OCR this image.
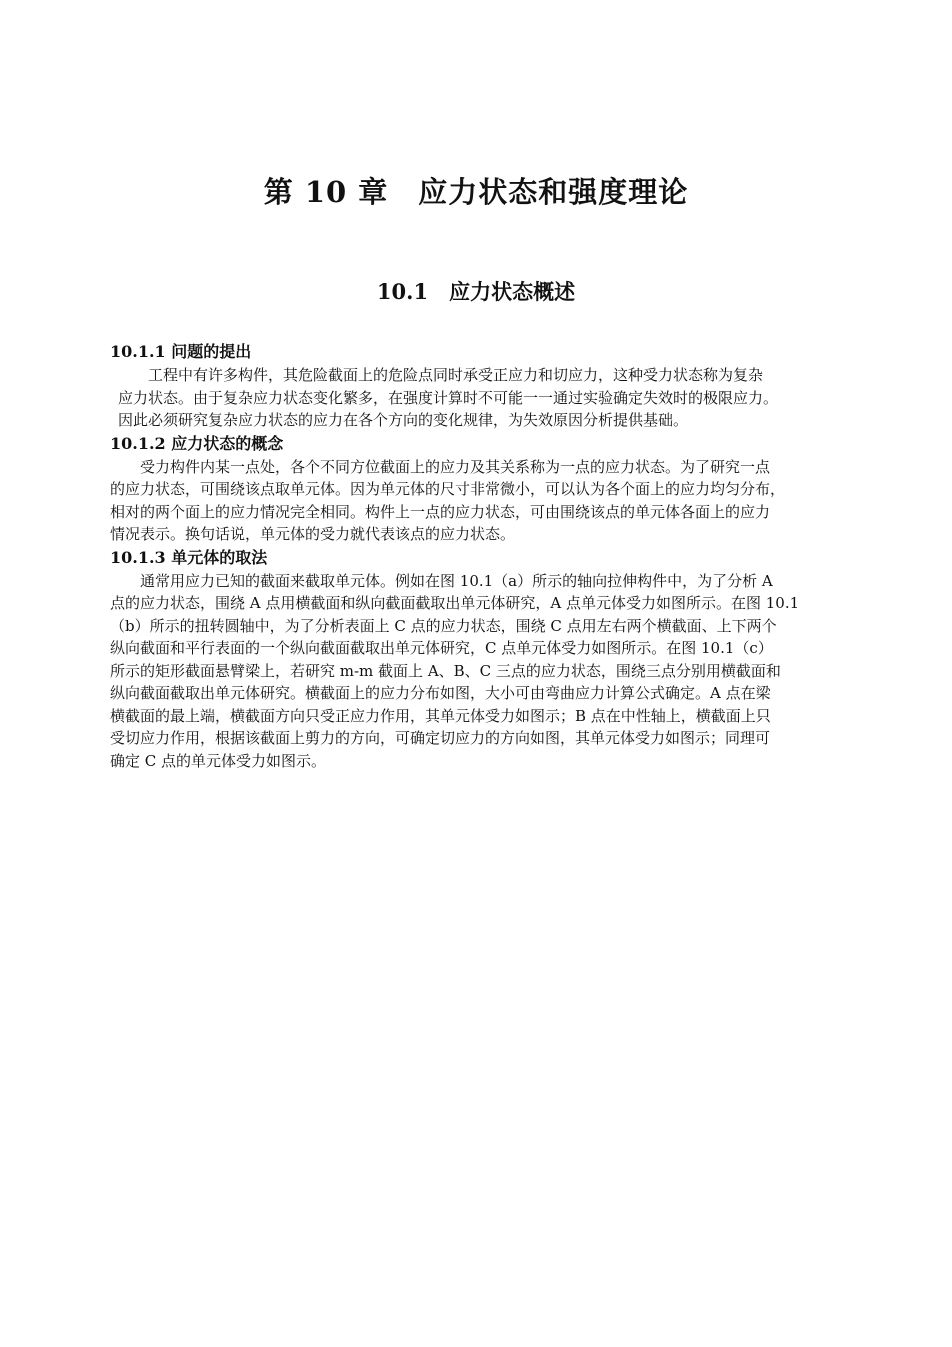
第 10 章　应力状态和强度理论
10.1　应力状态概述
10.1.1 问题的提出

工程中有许多构件，其危险截面上的危险点同时承受正应力和切应力，这种受力状态称为复杂
应力状态。由于复杂应力状态变化繁多，在强度计算时不可能一一通过实验确定失效时的极限应力。
因此必须研究复杂应力状态的应力在各个方向的变化规律，为失效原因分析提供基础。

10.1.2 应力状态的概念

受力构件内某一点处，各个不同方位截面上的应力及其关系称为一点的应力状态。为了研究一点
的应力状态，可围绕该点取单元体。因为单元体的尺寸非常微小，可以认为各个面上的应力均匀分布，
相对的两个面上的应力情况完全相同。构件上一点的应力状态，可由围绕该点的单元体各面上的应力
情况表示。换句话说，单元体的受力就代表该点的应力状态。

10.1.3 单元体的取法

通常用应力已知的截面来截取单元体。例如在图 10.1（a）所示的轴向拉伸构件中，为了分析 A
点的应力状态，围绕 A 点用横截面和纵向截面截取出单元体研究，A 点单元体受力如图所示。在图 10.1
（b）所示的扭转圆轴中，为了分析表面上 C 点的应力状态，围绕 C 点用左右两个横截面、上下两个
纵向截面和平行表面的一个纵向截面截取出单元体研究，C 点单元体受力如图所示。在图 10.1（c）
所示的矩形截面悬臂梁上，若研究 m-m 截面上 A、B、C 三点的应力状态，围绕三点分别用横截面和
纵向截面截取出单元体研究。横截面上的应力分布如图，大小可由弯曲应力计算公式确定。A 点在梁
横截面的最上端，横截面方向只受正应力作用，其单元体受力如图示；B 点在中性轴上，横截面上只
受切应力作用，根据该截面上剪力的方向，可确定切应力的方向如图，其单元体受力如图示；同理可
确定 C 点的单元体受力如图示。
